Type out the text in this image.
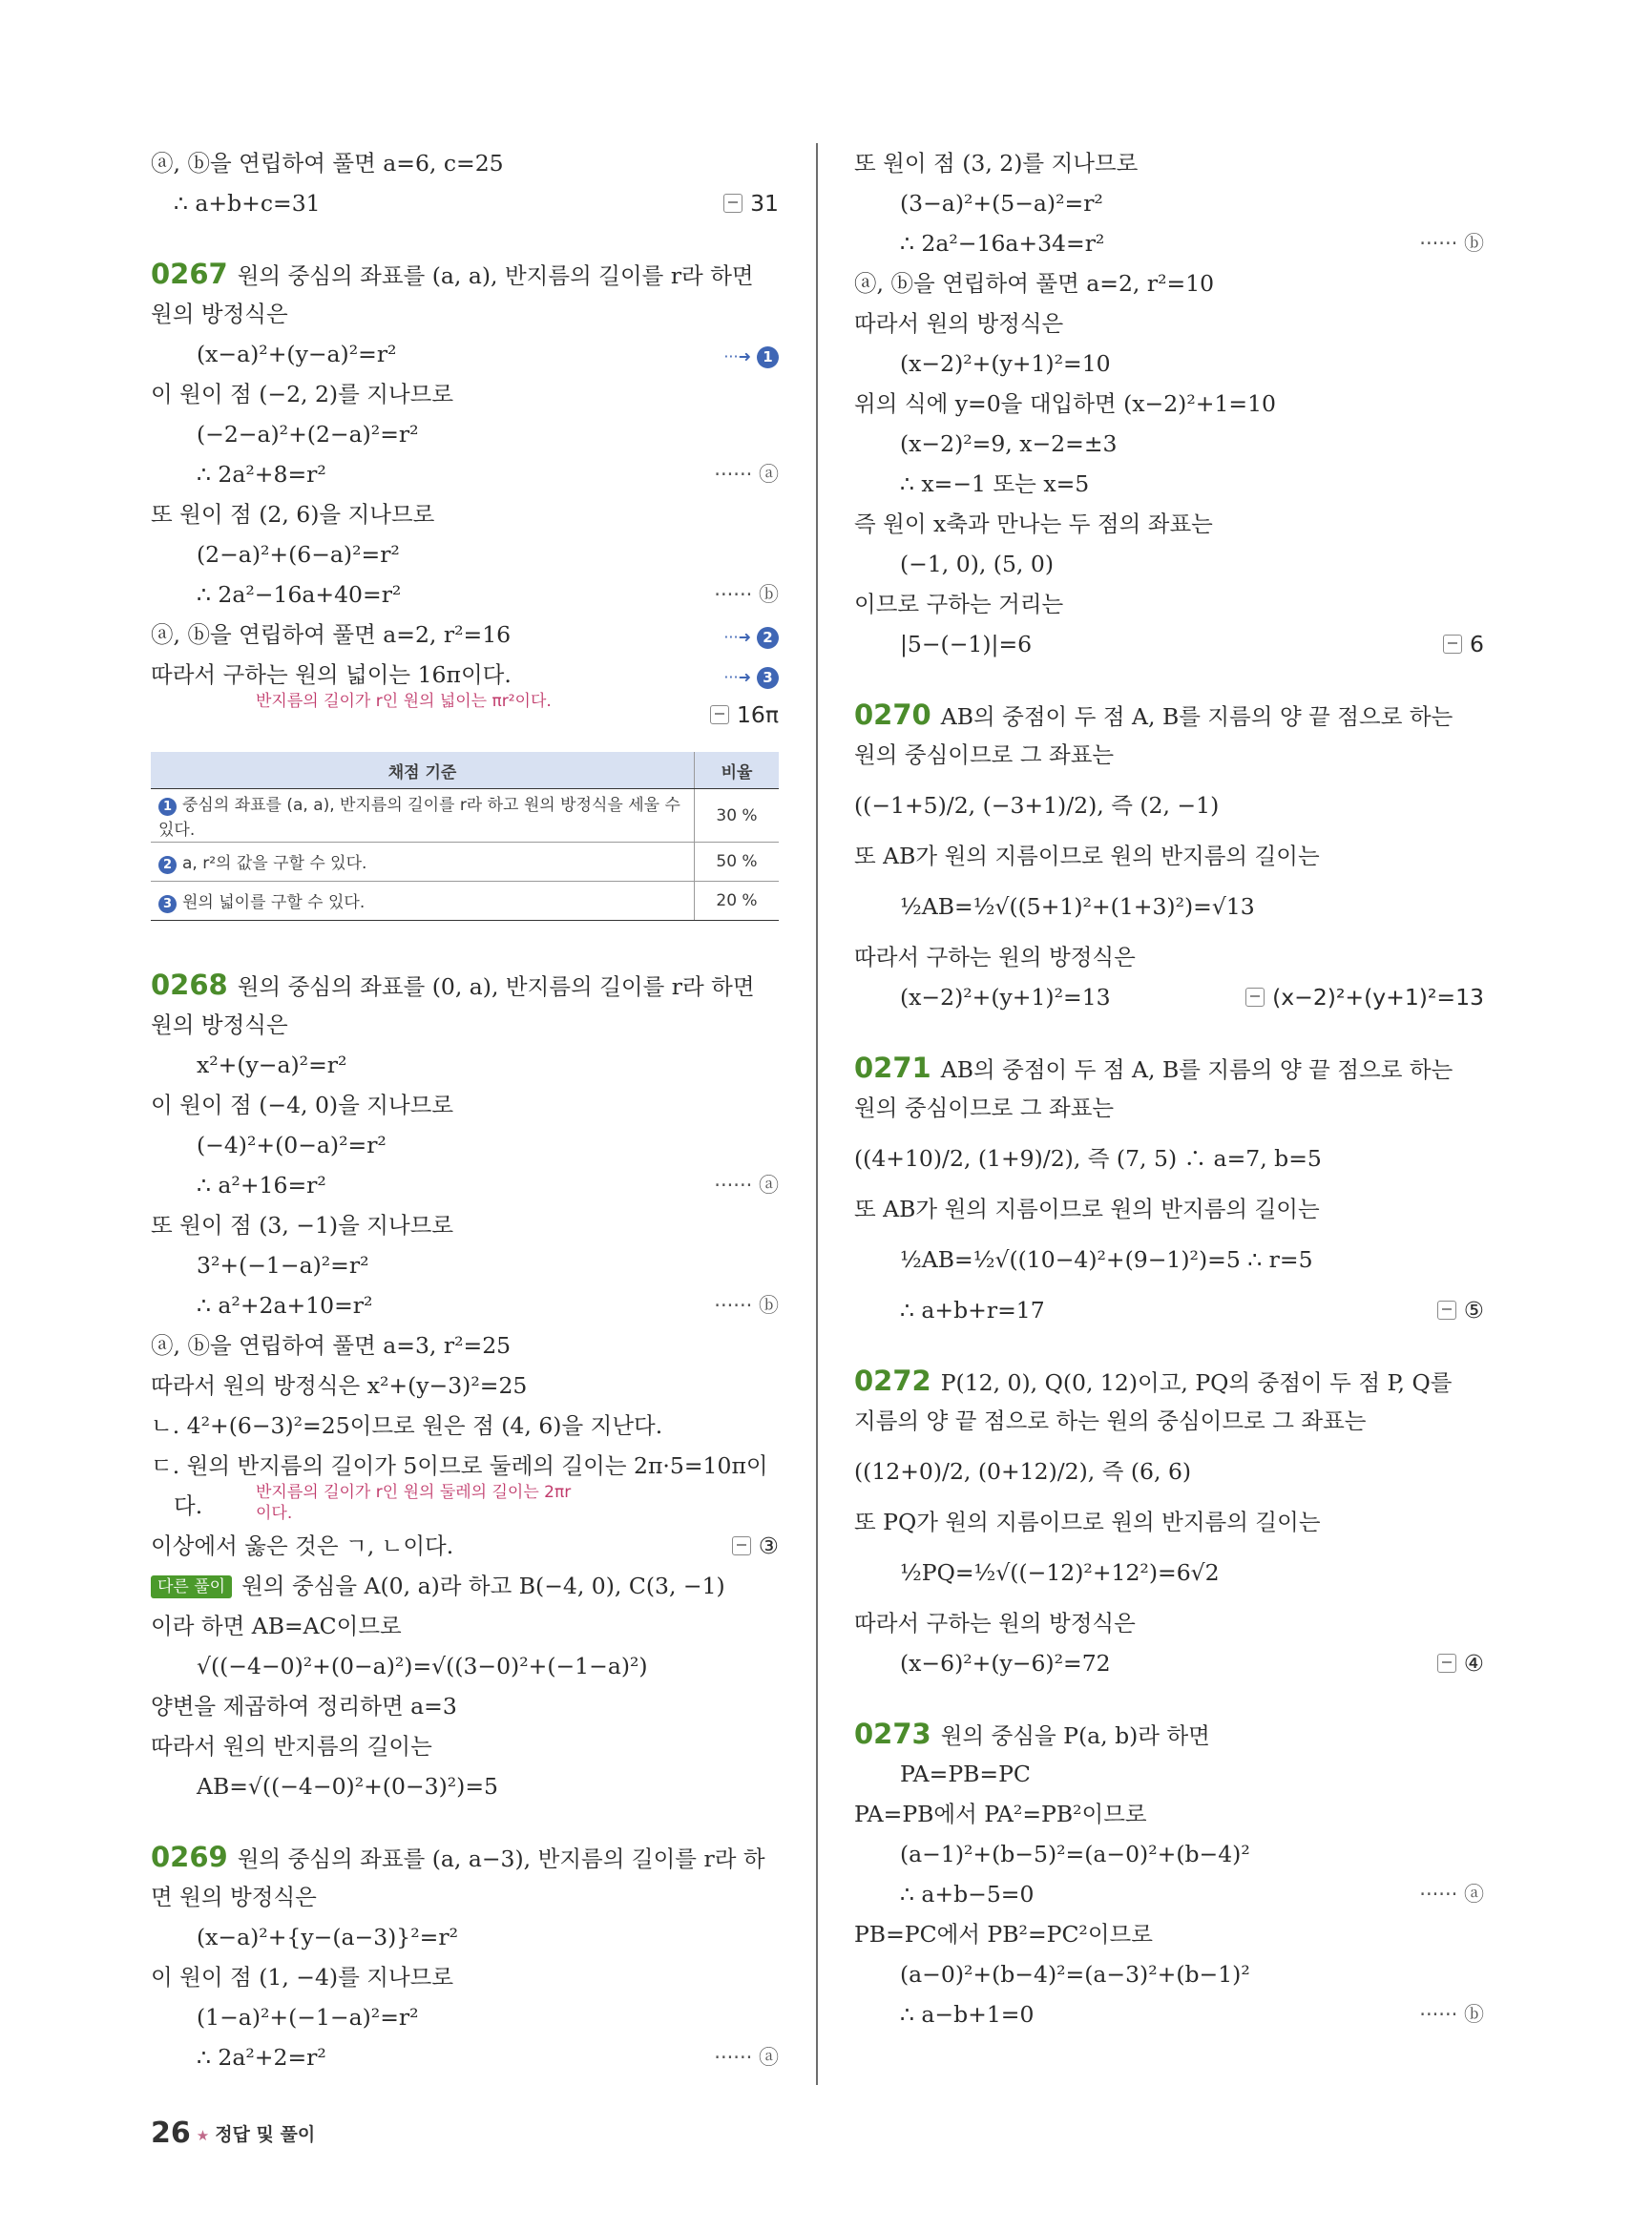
ⓐ, ⓑ을 연립하여 풀면 a=6, c=25
∴ a+b+c=31	31
0267 원의 중심의 좌표를 (a, a), 반지름의 길이를 r라 하면
원의 방정식은
(x−a)²+(y−a)²=r²	···➜ 1
이 원이 점 (−2, 2)를 지나므로
(−2−a)²+(2−a)²=r²
∴ 2a²+8=r²	······ ⓐ
또 원이 점 (2, 6)을 지나므로
(2−a)²+(6−a)²=r²
∴ 2a²−16a+40=r²	······ ⓑ
ⓐ, ⓑ을 연립하여 풀면 a=2, r²=16	···➜ 2
따라서 구하는 원의 넓이는 16π이다.	···➜ 3
16π
반지름의 길이가 r인 원의 넓이는 πr²이다.
채점 기준	비율
1 중심의 좌표를 (a, a), 반지름의 길이를 r라 하고 원의 방정식을 세울 수 있다.	30 %
2 a, r²의 값을 구할 수 있다.	50 %
3 원의 넓이를 구할 수 있다.	20 %
0268 원의 중심의 좌표를 (0, a), 반지름의 길이를 r라 하면
원의 방정식은
x²+(y−a)²=r²
이 원이 점 (−4, 0)을 지나므로
(−4)²+(0−a)²=r²
∴ a²+16=r²	······ ⓐ
또 원이 점 (3, −1)을 지나므로
3²+(−1−a)²=r²
∴ a²+2a+10=r²	······ ⓑ
ⓐ, ⓑ을 연립하여 풀면 a=3, r²=25
따라서 원의 방정식은 x²+(y−3)²=25
ㄴ. 4²+(6−3)²=25이므로 원은 점 (4, 6)을 지난다.
ㄷ. 원의 반지름의 길이가 5이므로 둘레의 길이는 2π·5=10π이
다.	반지름의 길이가 r인 원의 둘레의 길이는 2πr이다.
이상에서 옳은 것은 ㄱ, ㄴ이다.	③
다른 풀이 원의 중심을 A(0, a)라 하고 B(−4, 0), C(3, −1)
이라 하면 AB=AC이므로
√((−4−0)²+(0−a)²)=√((3−0)²+(−1−a)²)
양변을 제곱하여 정리하면 a=3
따라서 원의 반지름의 길이는
AB=√((−4−0)²+(0−3)²)=5
0269 원의 중심의 좌표를 (a, a−3), 반지름의 길이를 r라 하
면 원의 방정식은
(x−a)²+{y−(a−3)}²=r²
이 원이 점 (1, −4)를 지나므로
(1−a)²+(−1−a)²=r²
∴ 2a²+2=r²	······ ⓐ
또 원이 점 (3, 2)를 지나므로
(3−a)²+(5−a)²=r²
∴ 2a²−16a+34=r²	······ ⓑ
ⓐ, ⓑ을 연립하여 풀면 a=2, r²=10
따라서 원의 방정식은
(x−2)²+(y+1)²=10
위의 식에 y=0을 대입하면 (x−2)²+1=10
(x−2)²=9, x−2=±3
∴ x=−1 또는 x=5
즉 원이 x축과 만나는 두 점의 좌표는
(−1, 0), (5, 0)
이므로 구하는 거리는
|5−(−1)|=6	6
0270 AB의 중점이 두 점 A, B를 지름의 양 끝 점으로 하는
원의 중심이므로 그 좌표는
((−1+5)/2, (−3+1)/2), 즉 (2, −1)
또 AB가 원의 지름이므로 원의 반지름의 길이는
½AB=½√((5+1)²+(1+3)²)=√13
따라서 구하는 원의 방정식은
(x−2)²+(y+1)²=13	(x−2)²+(y+1)²=13
0271 AB의 중점이 두 점 A, B를 지름의 양 끝 점으로 하는
원의 중심이므로 그 좌표는
((4+10)/2, (1+9)/2), 즉 (7, 5) ∴ a=7, b=5
또 AB가 원의 지름이므로 원의 반지름의 길이는
½AB=½√((10−4)²+(9−1)²)=5 ∴ r=5
∴ a+b+r=17	⑤
0272 P(12, 0), Q(0, 12)이고, PQ의 중점이 두 점 P, Q를
지름의 양 끝 점으로 하는 원의 중심이므로 그 좌표는
((12+0)/2, (0+12)/2), 즉 (6, 6)
또 PQ가 원의 지름이므로 원의 반지름의 길이는
½PQ=½√((−12)²+12²)=6√2
따라서 구하는 원의 방정식은
(x−6)²+(y−6)²=72	④
0273 원의 중심을 P(a, b)라 하면
PA=PB=PC
PA=PB에서 PA²=PB²이므로
(a−1)²+(b−5)²=(a−0)²+(b−4)²
∴ a+b−5=0	······ ⓐ
PB=PC에서 PB²=PC²이므로
(a−0)²+(b−4)²=(a−3)²+(b−1)²
∴ a−b+1=0	······ ⓑ
26 ★ 정답 및 풀이
